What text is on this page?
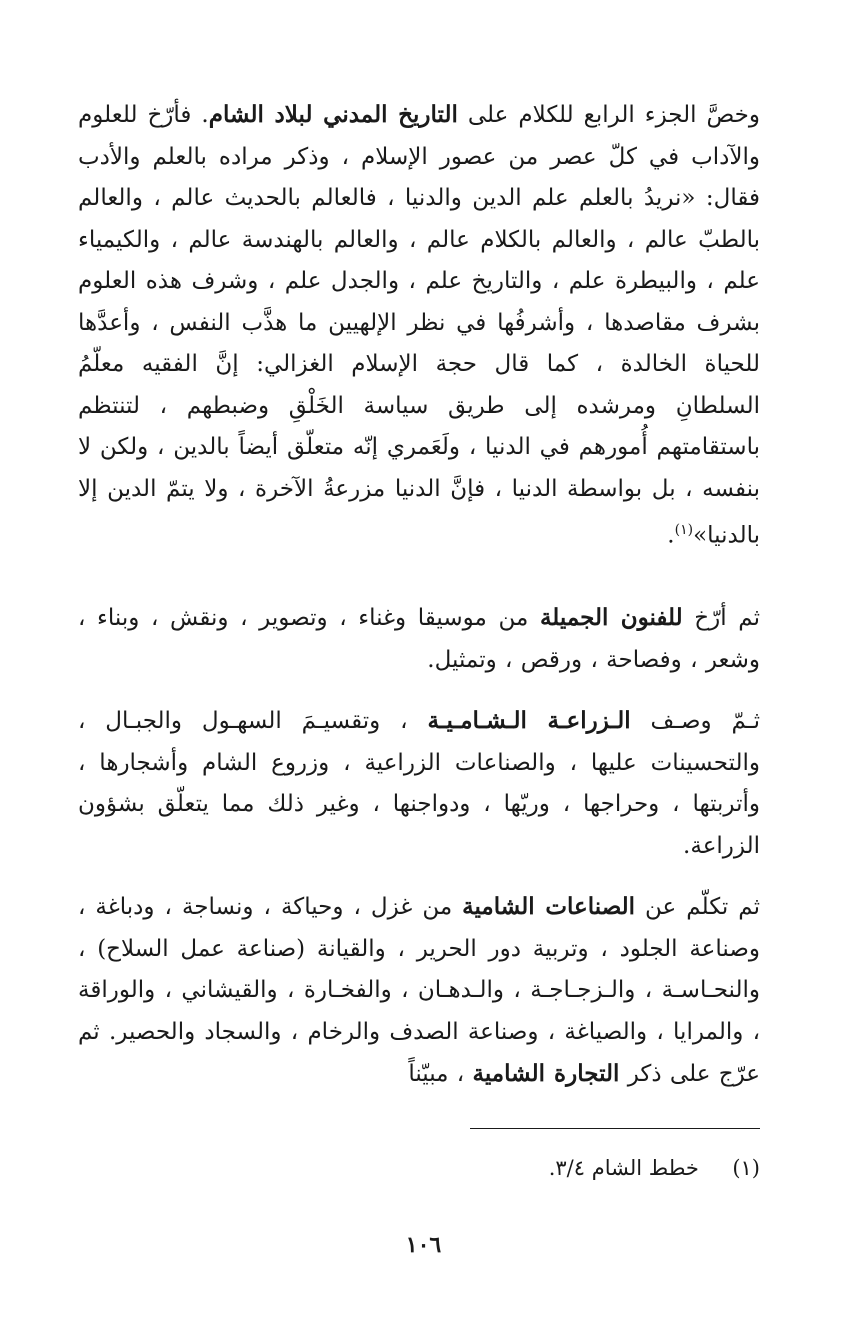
وخصَّ الجزء الرابع للكلام على التاريخ المدني لبلاد الشام. فأرّخ للعلوم والآداب في كلّ عصر من عصور الإسلام ، وذكر مراده بالعلم والأدب فقال: «نريدُ بالعلم علم الدين والدنيا ، فالعالم بالحديث عالم ، والعالم بالطبّ عالم ، والعالم بالكلام عالم ، والعالم بالهندسة عالم ، والكيمياء علم ، والبيطرة علم ، والتاريخ علم ، والجدل علم ، وشرف هذه العلوم بشرف مقاصدها ، وأشرفُها في نظر الإلهيين ما هذَّب النفس ، وأعدَّها للحياة الخالدة ، كما قال حجة الإسلام الغزالي: إنَّ الفقيه معلّمُ السلطانِ ومرشده إلى طريق سياسة الخَلْقِ وضبطهم ، لتنتظم باستقامتهم أُمورهم في الدنيا ، ولَعَمري إنّه متعلّق أيضاً بالدين ، ولكن لا بنفسه ، بل بواسطة الدنيا ، فإنَّ الدنيا مزرعةُ الآخرة ، ولا يتمّ الدين إلا بالدنيا»$^{(١)}$.
ثم أرّخ للفنون الجميلة من موسيقا وغناء ، وتصوير ، ونقش ، وبناء ، وشعر ، وفصاحة ، ورقص ، وتمثيل.
ثـمّ وصـف الـزراعـة الـشـامـيـة ، وتقسيـمَ السهـول والجبـال ، والتحسينات عليها ، والصناعات الزراعية ، وزروع الشام وأشجارها ، وأتربتها ، وحراجها ، وريّها ، ودواجنها ، وغير ذلك مما يتعلّق بشؤون الزراعة.
ثم تكلّم عن الصناعات الشامية من غزل ، وحياكة ، ونساجة ، ودباغة ، وصناعة الجلود ، وتربية دور الحرير ، والقيانة (صناعة عمل السلاح) ، والنحـاسـة ، والـزجـاجـة ، والـدهـان ، والفخـارة ، والقيشاني ، والوراقة ، والمرايا ، والصياغة ، وصناعة الصدف والرخام ، والسجاد والحصير. ثم عرّج على ذكر التجارة الشامية ، مبيّناً
(١)     خطط الشام ٣/٤.
١٠٦
